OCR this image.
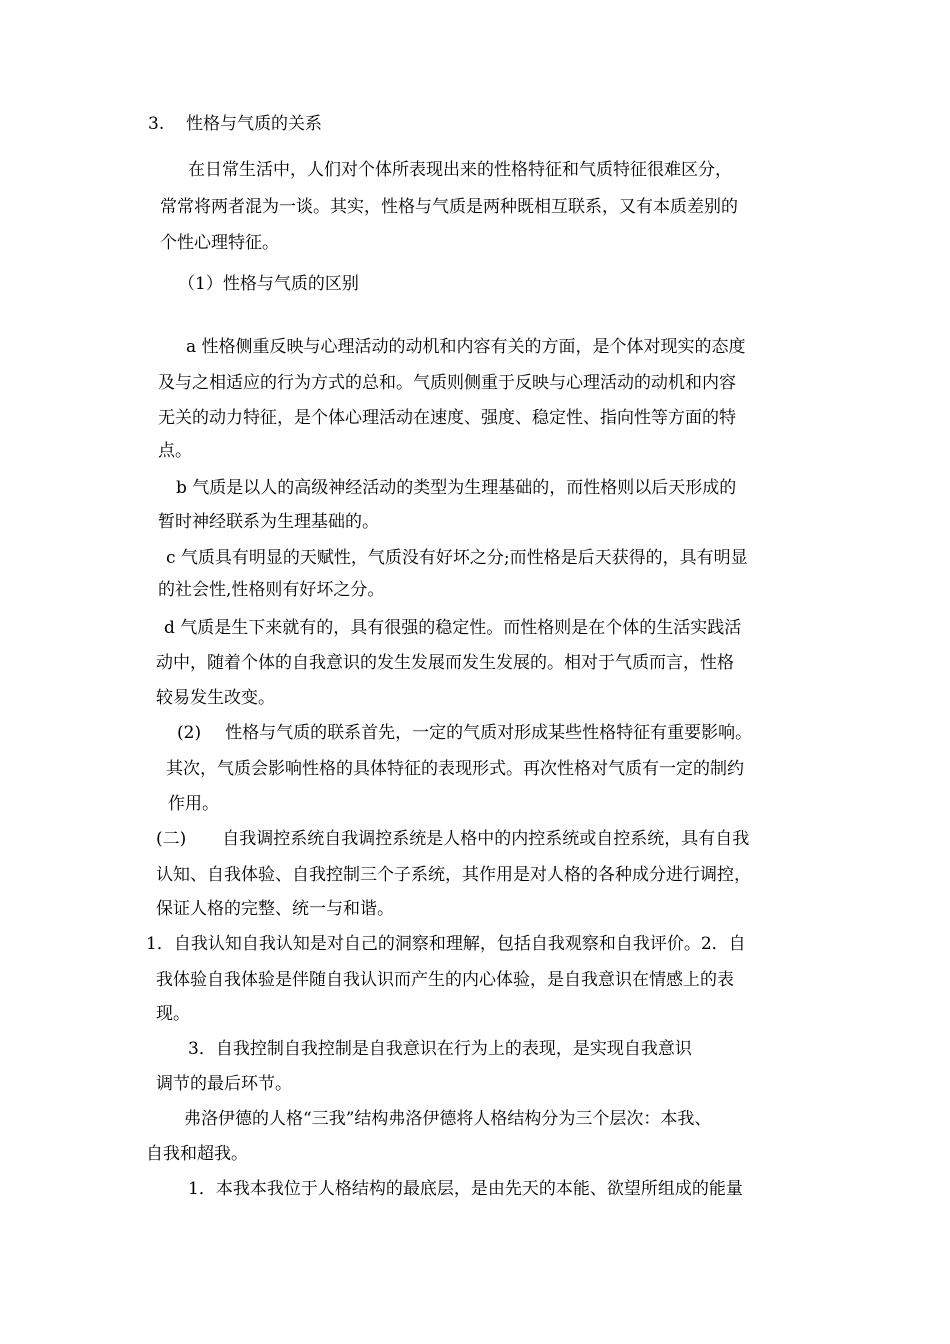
3. 性格与气质的关系

在日常生活中，人们对个体所表现出来的性格特征和气质特征很难区分，

常常将两者混为一谈。其实，性格与气质是两种既相互联系，又有本质差别的

个性心理特征。

（1）性格与气质的区别

a 性格侧重反映与心理活动的动机和内容有关的方面，是个体对现实的态度

及与之相适应的行为方式的总和。气质则侧重于反映与心理活动的动机和内容

无关的动力特征，是个体心理活动在速度、强度、稳定性、指向性等方面的特

点。

b 气质是以人的高级神经活动的类型为生理基础的，而性格则以后天形成的

暂时神经联系为生理基础的。

c 气质具有明显的天赋性，气质没有好坏之分;而性格是后天获得的，具有明显

的社会性,性格则有好坏之分。

d 气质是生下来就有的，具有很强的稳定性。而性格则是在个体的生活实践活

动中，随着个体的自我意识的发生发展而发生发展的。相对于气质而言，性格

较易发生改变。

(2) 性格与气质的联系首先，一定的气质对形成某些性格特征有重要影响。

其次，气质会影响性格的具体特征的表现形式。再次性格对气质有一定的制约

作用。

(二) 自我调控系统自我调控系统是人格中的内控系统或自控系统，具有自我

认知、自我体验、自我控制三个子系统，其作用是对人格的各种成分进行调控，

保证人格的完整、统一与和谐。

1．自我认知自我认知是对自己的洞察和理解，包括自我观察和自我评价。2．自

我体验自我体验是伴随自我认识而产生的内心体验，是自我意识在情感上的表

现。

3．自我控制自我控制是自我意识在行为上的表现，是实现自我意识

调节的最后环节。

弗洛伊德的人格“三我”结构弗洛伊德将人格结构分为三个层次：本我、

自我和超我。

1．本我本我位于人格结构的最底层，是由先天的本能、欲望所组成的能量
